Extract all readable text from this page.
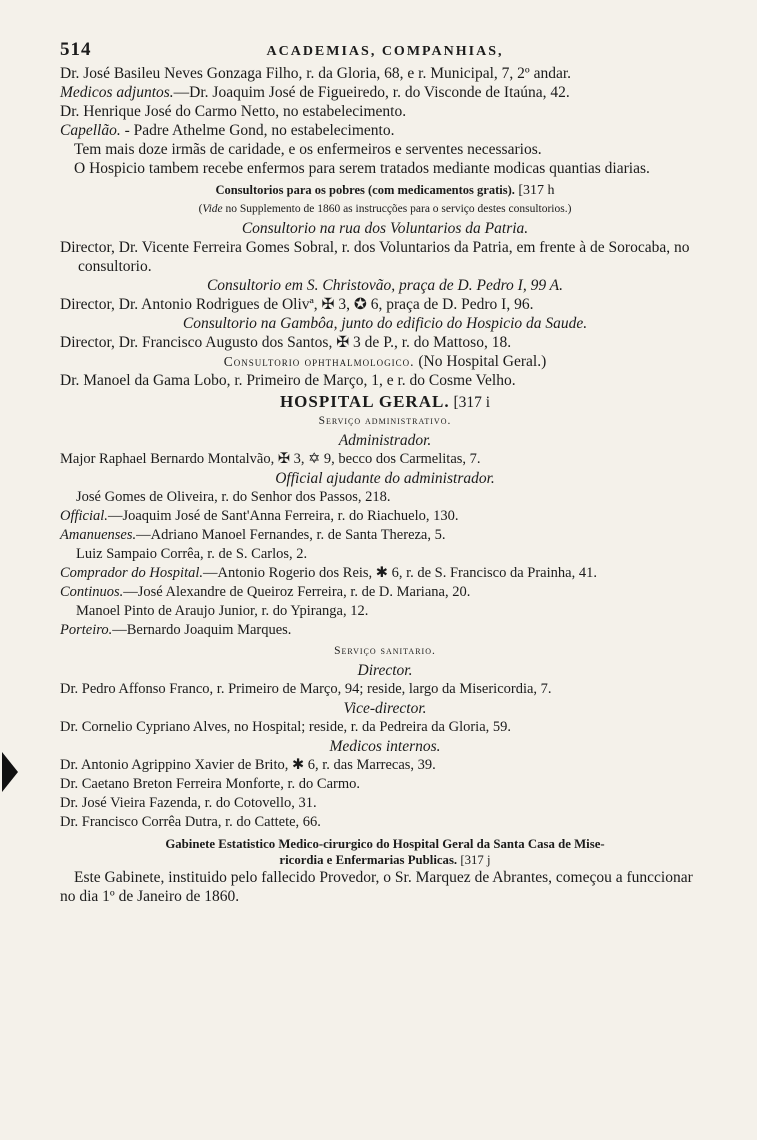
514	ACADEMIAS, COMPANHIAS,

Dr. José Basileu Neves Gonzaga Filho, r. da Gloria, 68, e r. Municipal, 7, 2º andar.

Medicos adjuntos.—Dr. Joaquim José de Figueiredo, r. do Visconde de Itaúna, 42.

Dr. Henrique José do Carmo Netto, no estabelecimento.

Capellão. - Padre Athelme Gond, no estabelecimento.

Tem mais doze irmãs de caridade, e os enfermeiros e serventes necessarios.

O Hospicio tambem recebe enfermos para serem tratados mediante modicas quantias diarias.

Consultorios para os pobres (com medicamentos gratis). [317 h

(Vide no Supplemento de 1860 as instrucções para o serviço destes consultorios.)

Consultorio na rua dos Voluntarios da Patria.

Director, Dr. Vicente Ferreira Gomes Sobral, r. dos Voluntarios da Patria, em frente à de Sorocaba, no consultorio.

Consultorio em S. Christovão, praça de D. Pedro I, 99 A.

Director, Dr. Antonio Rodrigues de Olivª, ✠ 3, ✪ 6, praça de D. Pedro I, 96.

Consultorio na Gambôa, junto do edificio do Hospicio da Saude.

Director, Dr. Francisco Augusto dos Santos, ✠ 3 de P., r. do Mattoso, 18.

Consultorio ophthalmologico. (No Hospital Geral.)

Dr. Manoel da Gama Lobo, r. Primeiro de Março, 1, e r. do Cosme Velho.

HOSPITAL GERAL. [317 i

Serviço administrativo.

Administrador.

Major Raphael Bernardo Montalvão, ✠ 3, ✡ 9, becco dos Carmelitas, 7.

Official ajudante do administrador.

José Gomes de Oliveira, r. do Senhor dos Passos, 218.

Official.—Joaquim José de Sant'Anna Ferreira, r. do Riachuelo, 130.

Amanuenses.—Adriano Manoel Fernandes, r. de Santa Thereza, 5.

Luiz Sampaio Corrêa, r. de S. Carlos, 2.

Comprador do Hospital.—Antonio Rogerio dos Reis, ✱ 6, r. de S. Francisco da Prainha, 41.

Continuos.—José Alexandre de Queiroz Ferreira, r. de D. Mariana, 20.

Manoel Pinto de Araujo Junior, r. do Ypiranga, 12.

Porteiro.—Bernardo Joaquim Marques.

Serviço sanitario.

Director.

Dr. Pedro Affonso Franco, r. Primeiro de Março, 94; reside, largo da Misericordia, 7.

Vice-director.

Dr. Cornelio Cypriano Alves, no Hospital; reside, r. da Pedreira da Gloria, 59.

Medicos internos.

Dr. Antonio Agrippino Xavier de Brito, ✱ 6, r. das Marrecas, 39.

Dr. Caetano Breton Ferreira Monforte, r. do Carmo.

Dr. José Vieira Fazenda, r. do Cotovello, 31.

Dr. Francisco Corrêa Dutra, r. do Cattete, 66.

Gabinete Estatistico Medico-cirurgico do Hospital Geral da Santa Casa de Mise-
ricordia e Enfermarias Publicas. [317 j

Este Gabinete, instituido pelo fallecido Provedor, o Sr. Marquez de Abrantes, começou a funccionar no dia 1º de Janeiro de 1860.
